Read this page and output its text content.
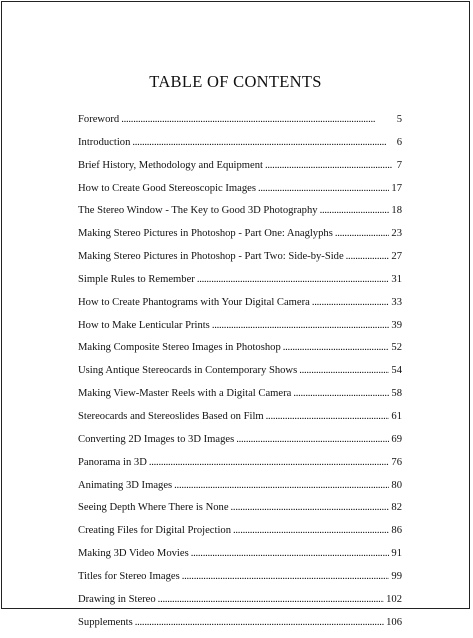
TABLE OF CONTENTS
Foreword . . .	5
Introduction . . .	6
Brief History, Methodology and Equipment . . .	7
How to Create Good Stereoscopic Images . . .	17
The Stereo Window - The Key to Good 3D Photography . . .	18
Making Stereo Pictures in Photoshop - Part One: Anaglyphs . . .	23
Making Stereo Pictures in Photoshop - Part Two: Side-by-Side . . .	27
Simple Rules to Remember . . .	31
How to Create Phantograms with Your Digital Camera . . .	33
How to Make Lenticular Prints . . .	39
Making Composite Stereo Images in Photoshop . . .	52
Using Antique Stereocards in Contemporary Shows . . .	54
Making View-Master Reels with a Digital Camera . . .	58
Stereocards and Stereoslides Based on Film . . .	61
Converting 2D Images to 3D Images . . .	69
Panorama in 3D . . .	76
Animating 3D Images . . .	80
Seeing Depth Where There is None . . .	82
Creating Files for Digital Projection . . .	86
Making 3D Video Movies . . .	91
Titles for Stereo Images . . .	99
Drawing in Stereo . . .	102
Supplements . . .	106
